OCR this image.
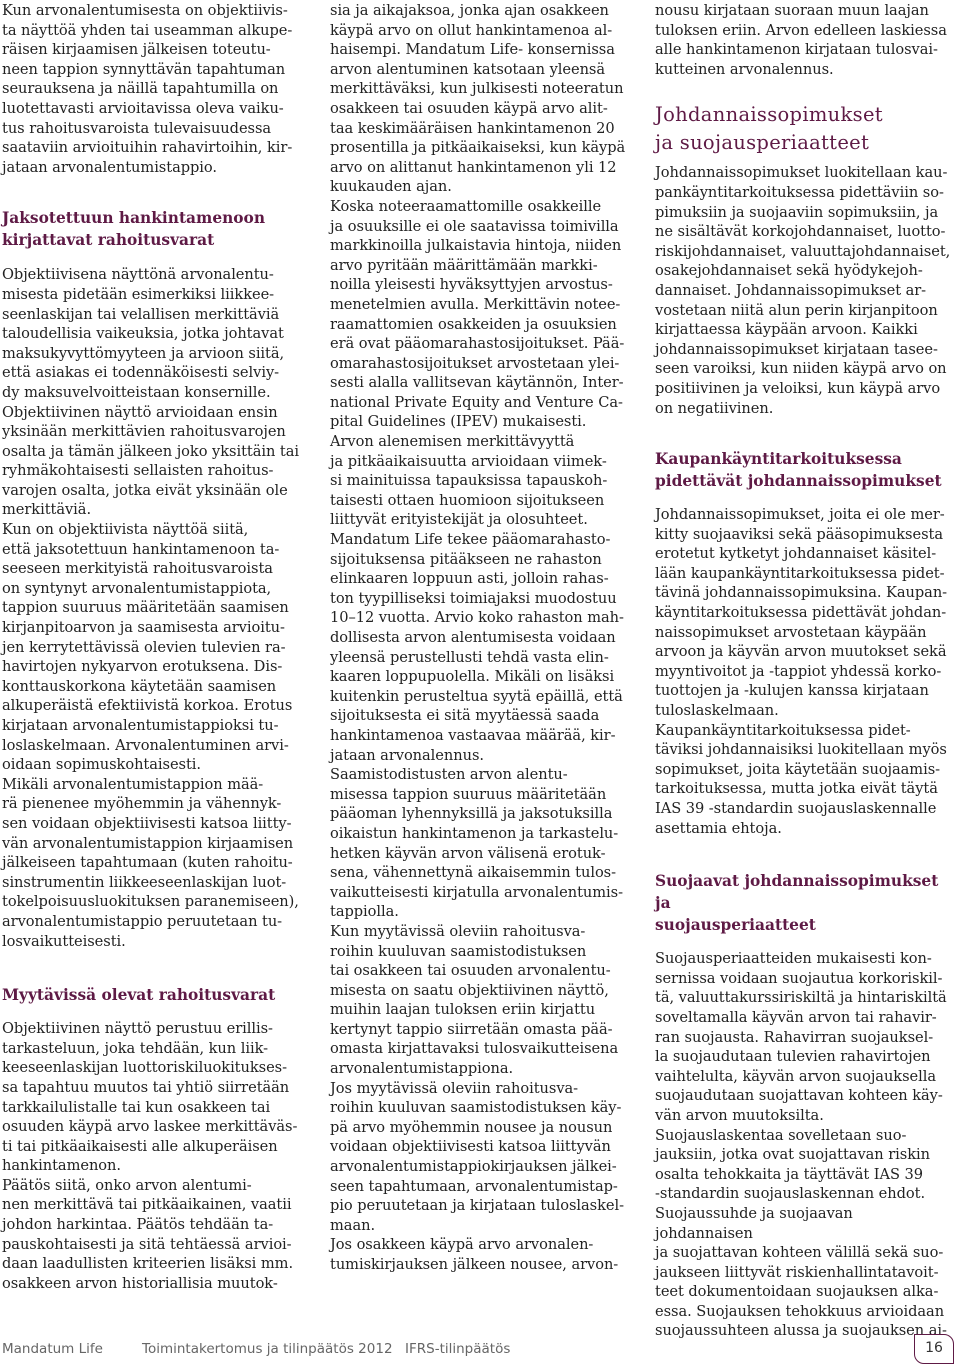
Kun arvonalentumisesta on objektiivis-
ta näyttöä yhden tai useamman alkupe-
räisen kirjaamisen jälkeisen toteutu-
neen tappion synnyttävän tapahtuman
seurauksena ja näillä tapahtumilla on
luotettavasti arvioitavissa oleva vaiku-
tus rahoitusvaroista tulevaisuudessa
saataviin arvioituihin rahavirtoihin, kir-
jataan arvonalentumistappio.

Jaksotettuun hankintamenoon
kirjattavat rahoitusvarat

Objektiivisena näyttönä arvonalentu-
misesta pidetään esimerkiksi liikkee-
seenlaskijan tai velallisen merkittäviä
taloudellisia vaikeuksia, jotka johtavat
maksukyvyttömyyteen ja arvioon siitä,
että asiakas ei todennäköisesti selviy-
dy maksuvelvoitteistaan konsernille.
Objektiivinen näyttö arvioidaan ensin
yksinään merkittävien rahoitusvarojen
osalta ja tämän jälkeen joko yksittäin tai
ryhmäkohtaisesti sellaisten rahoitus-
varojen osalta, jotka eivät yksinään ole
merkittäviä.

Kun on objektiivista näyttöä siitä,
että jaksotettuun hankintamenoon ta-
seeseen merkityistä rahoitusvaroista
on syntynyt arvonalentumistappiota,
tappion suuruus määritetään saamisen
kirjanpitoarvon ja saamisesta arvioitu-
jen kerrytettävissä olevien tulevien ra-
havirtojen nykyarvon erotuksena. Dis-
konttauskorkona käytetään saamisen
alkuperäistä efektiivistä korkoa. Erotus
kirjataan arvonalentumistappioksi tu-
loslaskelmaan. Arvonalentuminen arvi-
oidaan sopimuskohtaisesti.

Mikäli arvonalentumistappion mää-
rä pienenee myöhemmin ja vähennyk-
sen voidaan objektiivisesti katsoa liitty-
vän arvonalentumistappion kirjaamisen
jälkeiseen tapahtumaan (kuten rahoitu-
sinstrumentin liikkeeseenlaskijan luot-
tokelpoisuusluokituksen paranemiseen),
arvonalentumistappio peruutetaan tu-
losvaikutteisesti.

Myytävissä olevat rahoitusvarat

Objektiivinen näyttö perustuu erillis-
tarkasteluun, joka tehdään, kun liik-
keeseenlaskijan luottoriskiluokitukses-
sa tapahtuu muutos tai yhtiö siirretään
tarkkailulistalle tai kun osakkeen tai
osuuden käypä arvo laskee merkittäväs-
ti tai pitkäaikaisesti alle alkuperäisen
hankintamenon.

Päätös siitä, onko arvon alentumi-
nen merkittävä tai pitkäaikainen, vaatii
johdon harkintaa. Päätös tehdään ta-
pauskohtaisesti ja sitä tehtäessä arvioi-
daan laadullisten kriteerien lisäksi mm.
osakkeen arvon historiallisia muutok-

sia ja aikajaksoa, jonka ajan osakkeen
käypä arvo on ollut hankintamenoa al-
haisempi. Mandatum Life- konsernissa
arvon alentuminen katsotaan yleensä
merkittäväksi, kun julkisesti noteeratun
osakkeen tai osuuden käypä arvo alit-
taa keskimääräisen hankintamenon 20
prosentilla ja pitkäaikaiseksi, kun käypä
arvo on alittanut hankintamenon yli 12
kuukauden ajan.

Koska noteeraamattomille osakkeille
ja osuuksille ei ole saatavissa toimivilla
markkinoilla julkaistavia hintoja, niiden
arvo pyritään määrittämään markki-
noilla yleisesti hyväksyttyjen arvostus-
menetelmien avulla. Merkittävin notee-
raamattomien osakkeiden ja osuuksien
erä ovat pääomarahastosijoitukset. Pää-
omarahastosijoitukset arvostetaan ylei-
sesti alalla vallitsevan käytännön, Inter-
national Private Equity and Venture Ca-
pital Guidelines (IPEV) mukaisesti.

Arvon alenemisen merkittävyyttä
ja pitkäaikaisuutta arvioidaan viimek-
si mainituissa tapauksissa tapauskoh-
taisesti ottaen huomioon sijoitukseen
liittyvät erityistekijät ja olosuhteet.
Mandatum Life tekee pääomarahasto-
sijoituksensa pitääkseen ne rahaston
elinkaaren loppuun asti, jolloin rahas-
ton tyypilliseksi toimiajaksi muodostuu
10–12 vuotta. Arvio koko rahaston mah-
dollisesta arvon alentumisesta voidaan
yleensä perustellusti tehdä vasta elin-
kaaren loppupuolella. Mikäli on lisäksi
kuitenkin perusteltua syytä epäillä, että
sijoituksesta ei sitä myytäessä saada
hankintamenoa vastaavaa määrää, kir-
jataan arvonalennus.

Saamistodistusten arvon alentu-
misessa tappion suuruus määritetään
pääoman lyhennyksillä ja jaksotuksilla
oikaistun hankintamenon ja tarkastelu-
hetken käyvän arvon välisenä erotuk-
sena, vähennettynä aikaisemmin tulos-
vaikutteisesti kirjatulla arvonalentumis-
tappiolla.

Kun myytävissä oleviin rahoitusva-
roihin kuuluvan saamistodistuksen
tai osakkeen tai osuuden arvonalentu-
misesta on saatu objektiivinen näyttö,
muihin laajan tuloksen eriin kirjattu
kertynyt tappio siirretään omasta pää-
omasta kirjattavaksi tulosvaikutteisena
arvonalentumistappiona.

Jos myytävissä oleviin rahoitusva-
roihin kuuluvan saamistodistuksen käy-
pä arvo myöhemmin nousee ja nousun
voidaan objektiivisesti katsoa liittyvän
arvonalentumistappiokirjauksen jälkei-
seen tapahtumaan, arvonalentumistap-
pio peruutetaan ja kirjataan tuloslaskel-
maan.

Jos osakkeen käypä arvo arvonalen-
tumiskirjauksen jälkeen nousee, arvon-

nousu kirjataan suoraan muun laajan
tuloksen eriin. Arvon edelleen laskiessa
alle hankintamenon kirjataan tulosvai-
kutteinen arvonalennus.

Johdannaissopimukset
ja suojausperiaatteet

Johdannaissopimukset luokitellaan kau-
pankäyntitarkoituksessa pidettäviin so-
pimuksiin ja suojaaviin sopimuksiin, ja
ne sisältävät korkojohdannaiset, luotto-
riskijohdannaiset, valuuttajohdannaiset,
osakejohdannaiset sekä hyödykejoh-
dannaiset. Johdannaissopimukset ar-
vostetaan niitä alun perin kirjanpitoon
kirjattaessa käypään arvoon. Kaikki
johdannaissopimukset kirjataan tasee-
seen varoiksi, kun niiden käypä arvo on
positiivinen ja veloiksi, kun käypä arvo
on negatiivinen.

Kaupankäyntitarkoituksessa
pidettävät johdannaissopimukset

Johdannaissopimukset, joita ei ole mer-
kitty suojaaviksi sekä pääsopimuksesta
erotetut kytketyt johdannaiset käsitel-
lään kaupankäyntitarkoituksessa pidet-
tävinä johdannaissopimuksina. Kaupan-
käyntitarkoituksessa pidettävät johdan-
naissopimukset arvostetaan käypään
arvoon ja käyvän arvon muutokset sekä
myyntivoitot ja -tappiot yhdessä korko-
tuottojen ja -kulujen kanssa kirjataan
tuloslaskelmaan.

Kaupankäyntitarkoituksessa pidet-
täviksi johdannaisiksi luokitellaan myös
sopimukset, joita käytetään suojaamis-
tarkoituksessa, mutta jotka eivät täytä
IAS 39 -standardin suojauslaskennalle
asettamia ehtoja.

Suojaavat johdannaissopimukset ja
suojausperiaatteet

Suojausperiaatteiden mukaisesti kon-
sernissa voidaan suojautua korkoriskil-
tä, valuuttakurssiriskiltä ja hintariskiltä
soveltamalla käyvän arvon tai rahavir-
ran suojausta. Rahavirran suojauksel-
la suojaudutaan tulevien rahavirtojen
vaihtelulta, käyvän arvon suojauksella
suojaudutaan suojattavan kohteen käy-
vän arvon muutoksilta.

Suojauslaskentaa sovelletaan suo-
jauksiin, jotka ovat suojattavan riskin
osalta tehokkaita ja täyttävät IAS 39
-standardin suojauslaskennan ehdot.
Suojaussuhde ja suojaavan johdannaisen
ja suojattavan kohteen välillä sekä suo-
jaukseen liittyvät riskienhallintatavoit-
teet dokumentoidaan suojauksen alka-
essa. Suojauksen tehokkuus arvioidaan
suojaussuhteen alussa ja suojauksen ai-

Mandatum Life	Toimintakertomus ja tilinpäätös 2012 IFRS-tilinpäätös	16
